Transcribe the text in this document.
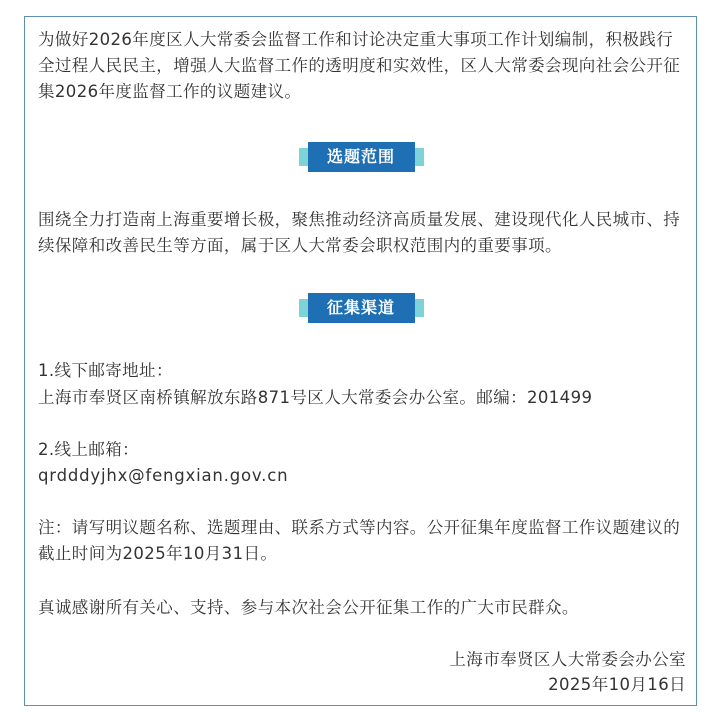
为做好2026年度区人大常委会监督工作和讨论决定重大事项工作计划编制，积极践行全过程人民民主，增强人大监督工作的透明度和实效性，区人大常委会现向社会公开征集2026年度监督工作的议题建议。

选题范围

围绕全力打造南上海重要增长极，聚焦推动经济高质量发展、建设现代化人民城市、持续保障和改善民生等方面，属于区人大常委会职权范围内的重要事项。

征集渠道

1.线下邮寄地址：

上海市奉贤区南桥镇解放东路871号区人大常委会办公室。邮编：201499

2.线上邮箱：

qrdddyjhx@fengxian.gov.cn

注：请写明议题名称、选题理由、联系方式等内容。公开征集年度监督工作议题建议的截止时间为2025年10月31日。

真诚感谢所有关心、支持、参与本次社会公开征集工作的广大市民群众。

上海市奉贤区人大常委会办公室

2025年10月16日
